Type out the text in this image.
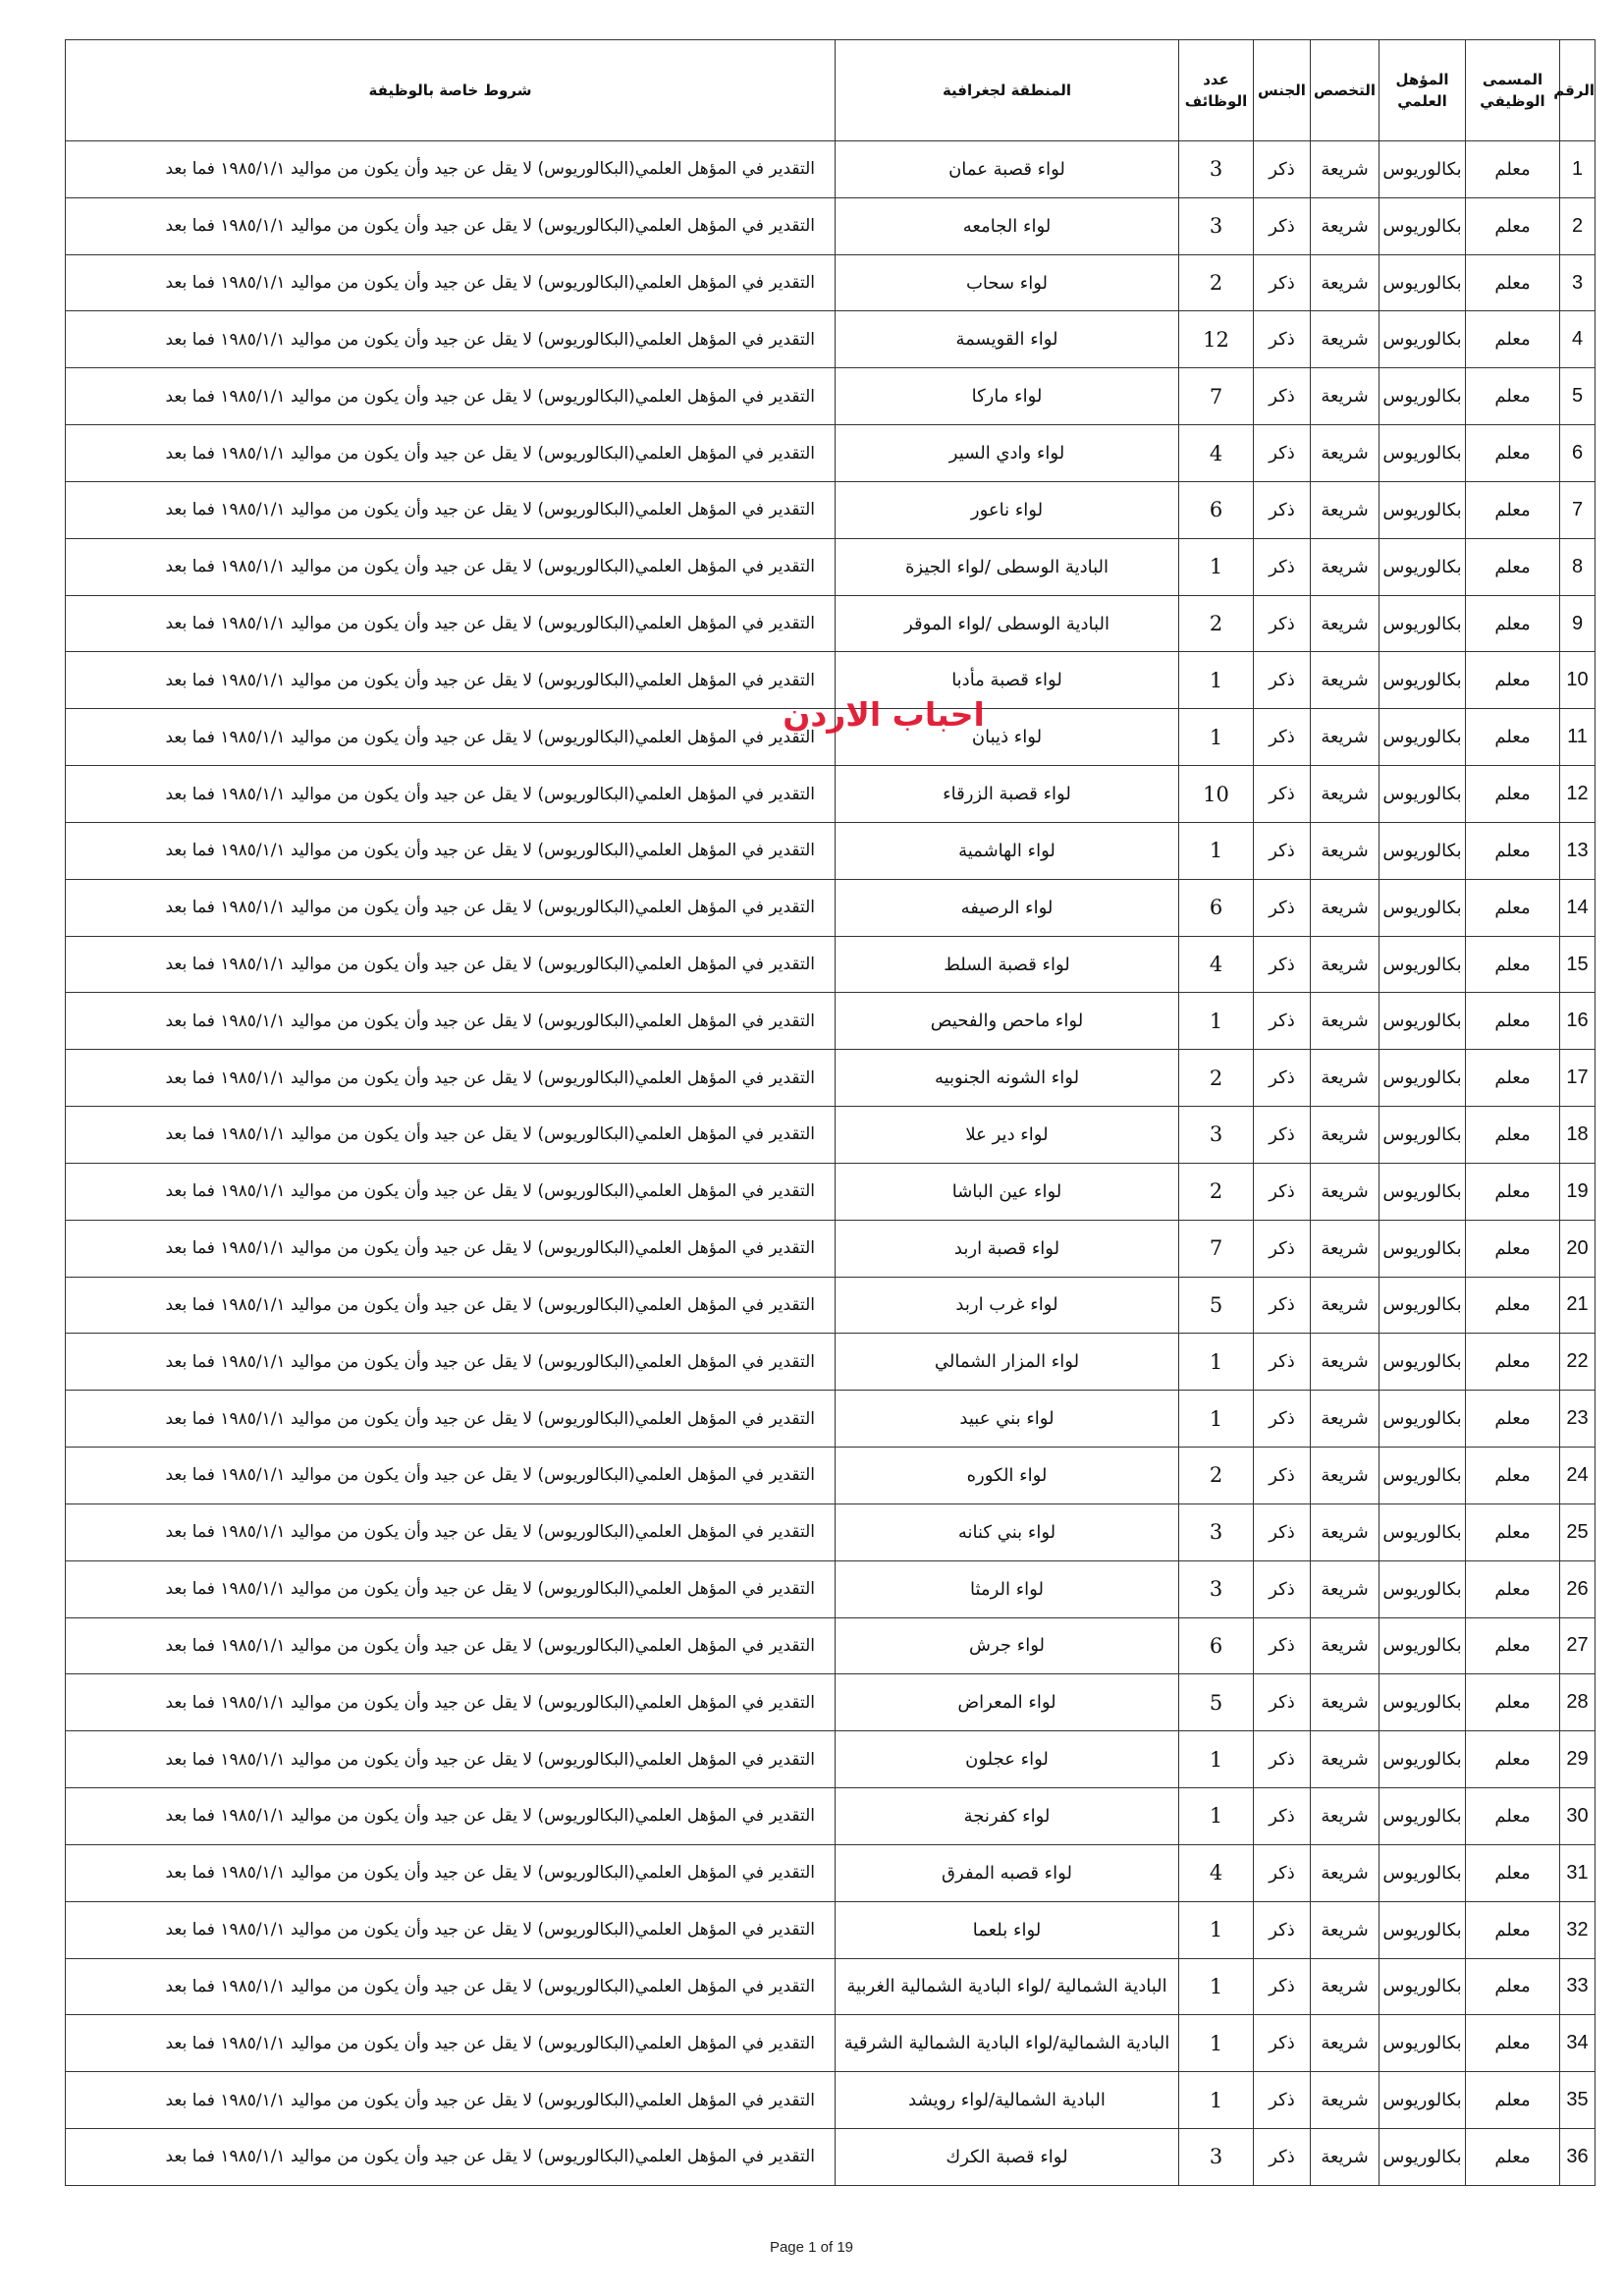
الرقم	المسمى الوظيفي	المؤهل العلمي	التخصص	الجنس	عدد الوظائف	المنطقة لجغرافية	شروط خاصة بالوظيفة
1	معلم	بكالوريوس	شريعة	ذكر	3	لواء قصبة عمان	التقدير في المؤهل العلمي(البكالوريوس) لا يقل عن جيد وأن يكون من مواليد ١٩٨٥/١/١ فما بعد
2	معلم	بكالوريوس	شريعة	ذكر	3	لواء الجامعه	التقدير في المؤهل العلمي(البكالوريوس) لا يقل عن جيد وأن يكون من مواليد ١٩٨٥/١/١ فما بعد
3	معلم	بكالوريوس	شريعة	ذكر	2	لواء سحاب	التقدير في المؤهل العلمي(البكالوريوس) لا يقل عن جيد وأن يكون من مواليد ١٩٨٥/١/١ فما بعد
4	معلم	بكالوريوس	شريعة	ذكر	12	لواء القويسمة	التقدير في المؤهل العلمي(البكالوريوس) لا يقل عن جيد وأن يكون من مواليد ١٩٨٥/١/١ فما بعد
5	معلم	بكالوريوس	شريعة	ذكر	7	لواء ماركا	التقدير في المؤهل العلمي(البكالوريوس) لا يقل عن جيد وأن يكون من مواليد ١٩٨٥/١/١ فما بعد
6	معلم	بكالوريوس	شريعة	ذكر	4	لواء وادي السير	التقدير في المؤهل العلمي(البكالوريوس) لا يقل عن جيد وأن يكون من مواليد ١٩٨٥/١/١ فما بعد
7	معلم	بكالوريوس	شريعة	ذكر	6	لواء ناعور	التقدير في المؤهل العلمي(البكالوريوس) لا يقل عن جيد وأن يكون من مواليد ١٩٨٥/١/١ فما بعد
8	معلم	بكالوريوس	شريعة	ذكر	1	البادية الوسطى /لواء الجيزة	التقدير في المؤهل العلمي(البكالوريوس) لا يقل عن جيد وأن يكون من مواليد ١٩٨٥/١/١ فما بعد
9	معلم	بكالوريوس	شريعة	ذكر	2	البادية الوسطى /لواء الموقر	التقدير في المؤهل العلمي(البكالوريوس) لا يقل عن جيد وأن يكون من مواليد ١٩٨٥/١/١ فما بعد
10	معلم	بكالوريوس	شريعة	ذكر	1	لواء قصبة مأدبا	التقدير في المؤهل العلمي(البكالوريوس) لا يقل عن جيد وأن يكون من مواليد ١٩٨٥/١/١ فما بعد
11	معلم	بكالوريوس	شريعة	ذكر	1	لواء ذيبان	التقدير في المؤهل العلمي(البكالوريوس) لا يقل عن جيد وأن يكون من مواليد ١٩٨٥/١/١ فما بعد
12	معلم	بكالوريوس	شريعة	ذكر	10	لواء قصبة الزرقاء	التقدير في المؤهل العلمي(البكالوريوس) لا يقل عن جيد وأن يكون من مواليد ١٩٨٥/١/١ فما بعد
13	معلم	بكالوريوس	شريعة	ذكر	1	لواء الهاشمية	التقدير في المؤهل العلمي(البكالوريوس) لا يقل عن جيد وأن يكون من مواليد ١٩٨٥/١/١ فما بعد
14	معلم	بكالوريوس	شريعة	ذكر	6	لواء الرصيفه	التقدير في المؤهل العلمي(البكالوريوس) لا يقل عن جيد وأن يكون من مواليد ١٩٨٥/١/١ فما بعد
15	معلم	بكالوريوس	شريعة	ذكر	4	لواء قصبة السلط	التقدير في المؤهل العلمي(البكالوريوس) لا يقل عن جيد وأن يكون من مواليد ١٩٨٥/١/١ فما بعد
16	معلم	بكالوريوس	شريعة	ذكر	1	لواء ماحص والفحيص	التقدير في المؤهل العلمي(البكالوريوس) لا يقل عن جيد وأن يكون من مواليد ١٩٨٥/١/١ فما بعد
17	معلم	بكالوريوس	شريعة	ذكر	2	لواء الشونه الجنوبيه	التقدير في المؤهل العلمي(البكالوريوس) لا يقل عن جيد وأن يكون من مواليد ١٩٨٥/١/١ فما بعد
18	معلم	بكالوريوس	شريعة	ذكر	3	لواء دير علا	التقدير في المؤهل العلمي(البكالوريوس) لا يقل عن جيد وأن يكون من مواليد ١٩٨٥/١/١ فما بعد
19	معلم	بكالوريوس	شريعة	ذكر	2	لواء عين الباشا	التقدير في المؤهل العلمي(البكالوريوس) لا يقل عن جيد وأن يكون من مواليد ١٩٨٥/١/١ فما بعد
20	معلم	بكالوريوس	شريعة	ذكر	7	لواء قصبة اربد	التقدير في المؤهل العلمي(البكالوريوس) لا يقل عن جيد وأن يكون من مواليد ١٩٨٥/١/١ فما بعد
21	معلم	بكالوريوس	شريعة	ذكر	5	لواء غرب اربد	التقدير في المؤهل العلمي(البكالوريوس) لا يقل عن جيد وأن يكون من مواليد ١٩٨٥/١/١ فما بعد
22	معلم	بكالوريوس	شريعة	ذكر	1	لواء المزار الشمالي	التقدير في المؤهل العلمي(البكالوريوس) لا يقل عن جيد وأن يكون من مواليد ١٩٨٥/١/١ فما بعد
23	معلم	بكالوريوس	شريعة	ذكر	1	لواء بني عبيد	التقدير في المؤهل العلمي(البكالوريوس) لا يقل عن جيد وأن يكون من مواليد ١٩٨٥/١/١ فما بعد
24	معلم	بكالوريوس	شريعة	ذكر	2	لواء الكوره	التقدير في المؤهل العلمي(البكالوريوس) لا يقل عن جيد وأن يكون من مواليد ١٩٨٥/١/١ فما بعد
25	معلم	بكالوريوس	شريعة	ذكر	3	لواء بني كنانه	التقدير في المؤهل العلمي(البكالوريوس) لا يقل عن جيد وأن يكون من مواليد ١٩٨٥/١/١ فما بعد
26	معلم	بكالوريوس	شريعة	ذكر	3	لواء الرمثا	التقدير في المؤهل العلمي(البكالوريوس) لا يقل عن جيد وأن يكون من مواليد ١٩٨٥/١/١ فما بعد
27	معلم	بكالوريوس	شريعة	ذكر	6	لواء جرش	التقدير في المؤهل العلمي(البكالوريوس) لا يقل عن جيد وأن يكون من مواليد ١٩٨٥/١/١ فما بعد
28	معلم	بكالوريوس	شريعة	ذكر	5	لواء المعراض	التقدير في المؤهل العلمي(البكالوريوس) لا يقل عن جيد وأن يكون من مواليد ١٩٨٥/١/١ فما بعد
29	معلم	بكالوريوس	شريعة	ذكر	1	لواء عجلون	التقدير في المؤهل العلمي(البكالوريوس) لا يقل عن جيد وأن يكون من مواليد ١٩٨٥/١/١ فما بعد
30	معلم	بكالوريوس	شريعة	ذكر	1	لواء كفرنجة	التقدير في المؤهل العلمي(البكالوريوس) لا يقل عن جيد وأن يكون من مواليد ١٩٨٥/١/١ فما بعد
31	معلم	بكالوريوس	شريعة	ذكر	4	لواء قصبه المفرق	التقدير في المؤهل العلمي(البكالوريوس) لا يقل عن جيد وأن يكون من مواليد ١٩٨٥/١/١ فما بعد
32	معلم	بكالوريوس	شريعة	ذكر	1	لواء بلعما	التقدير في المؤهل العلمي(البكالوريوس) لا يقل عن جيد وأن يكون من مواليد ١٩٨٥/١/١ فما بعد
33	معلم	بكالوريوس	شريعة	ذكر	1	البادية الشمالية /لواء البادية الشمالية الغربية	التقدير في المؤهل العلمي(البكالوريوس) لا يقل عن جيد وأن يكون من مواليد ١٩٨٥/١/١ فما بعد
34	معلم	بكالوريوس	شريعة	ذكر	1	البادية الشمالية/لواء البادية الشمالية الشرقية	التقدير في المؤهل العلمي(البكالوريوس) لا يقل عن جيد وأن يكون من مواليد ١٩٨٥/١/١ فما بعد
35	معلم	بكالوريوس	شريعة	ذكر	1	البادية الشمالية/لواء رويشد	التقدير في المؤهل العلمي(البكالوريوس) لا يقل عن جيد وأن يكون من مواليد ١٩٨٥/١/١ فما بعد
36	معلم	بكالوريوس	شريعة	ذكر	3	لواء قصبة الكرك	التقدير في المؤهل العلمي(البكالوريوس) لا يقل عن جيد وأن يكون من مواليد ١٩٨٥/١/١ فما بعد
احباب الاردن
Page 1 of 19
